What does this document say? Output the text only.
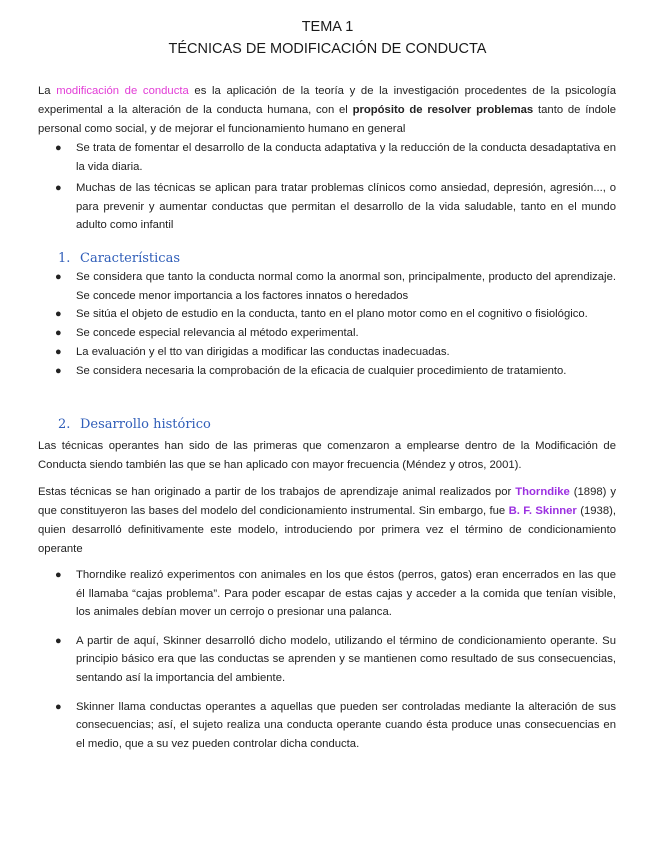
TEMA 1
TÉCNICAS DE MODIFICACIÓN DE CONDUCTA
La modificación de conducta es la aplicación de la teoría y de la investigación procedentes de la psicología experimental a la alteración de la conducta humana, con el propósito de resolver problemas tanto de índole personal como social, y de mejorar el funcionamiento humano en general
● Se trata de fomentar el desarrollo de la conducta adaptativa y la reducción de la conducta desadaptativa en la vida diaria.
● Muchas de las técnicas se aplican para tratar problemas clínicos como ansiedad, depresión, agresión..., o para prevenir y aumentar conductas que permitan el desarrollo de la vida saludable, tanto en el mundo adulto como infantil
1. Características
● Se considera que tanto la conducta normal como la anormal son, principalmente, producto del aprendizaje. Se concede menor importancia a los factores innatos o heredados
● Se sitúa el objeto de estudio en la conducta, tanto en el plano motor como en el cognitivo o fisiológico.
● Se concede especial relevancia al método experimental.
● La evaluación y el tto van dirigidas a modificar las conductas inadecuadas.
● Se considera necesaria la comprobación de la eficacia de cualquier procedimiento de tratamiento.
2. Desarrollo histórico
Las técnicas operantes han sido de las primeras que comenzaron a emplearse dentro de la Modificación de Conducta siendo también las que se han aplicado con mayor frecuencia (Méndez y otros, 2001).
Estas técnicas se han originado a partir de los trabajos de aprendizaje animal realizados por Thorndike (1898) y que constituyeron las bases del modelo del condicionamiento instrumental. Sin embargo, fue B. F. Skinner (1938), quien desarrolló definitivamente este modelo, introduciendo por primera vez el término de condicionamiento operante
● Thorndike realizó experimentos con animales en los que éstos (perros, gatos) eran encerrados en las que él llamaba “cajas problema”. Para poder escapar de estas cajas y acceder a la comida que tenían visible, los animales debían mover un cerrojo o presionar una palanca.
● A partir de aquí, Skinner desarrolló dicho modelo, utilizando el término de condicionamiento operante. Su principio básico era que las conductas se aprenden y se mantienen como resultado de sus consecuencias, sentando así la importancia del ambiente.
● Skinner llama conductas operantes a aquellas que pueden ser controladas mediante la alteración de sus consecuencias; así, el sujeto realiza una conducta operante cuando ésta produce unas consecuencias en el medio, que a su vez pueden controlar dicha conducta.
